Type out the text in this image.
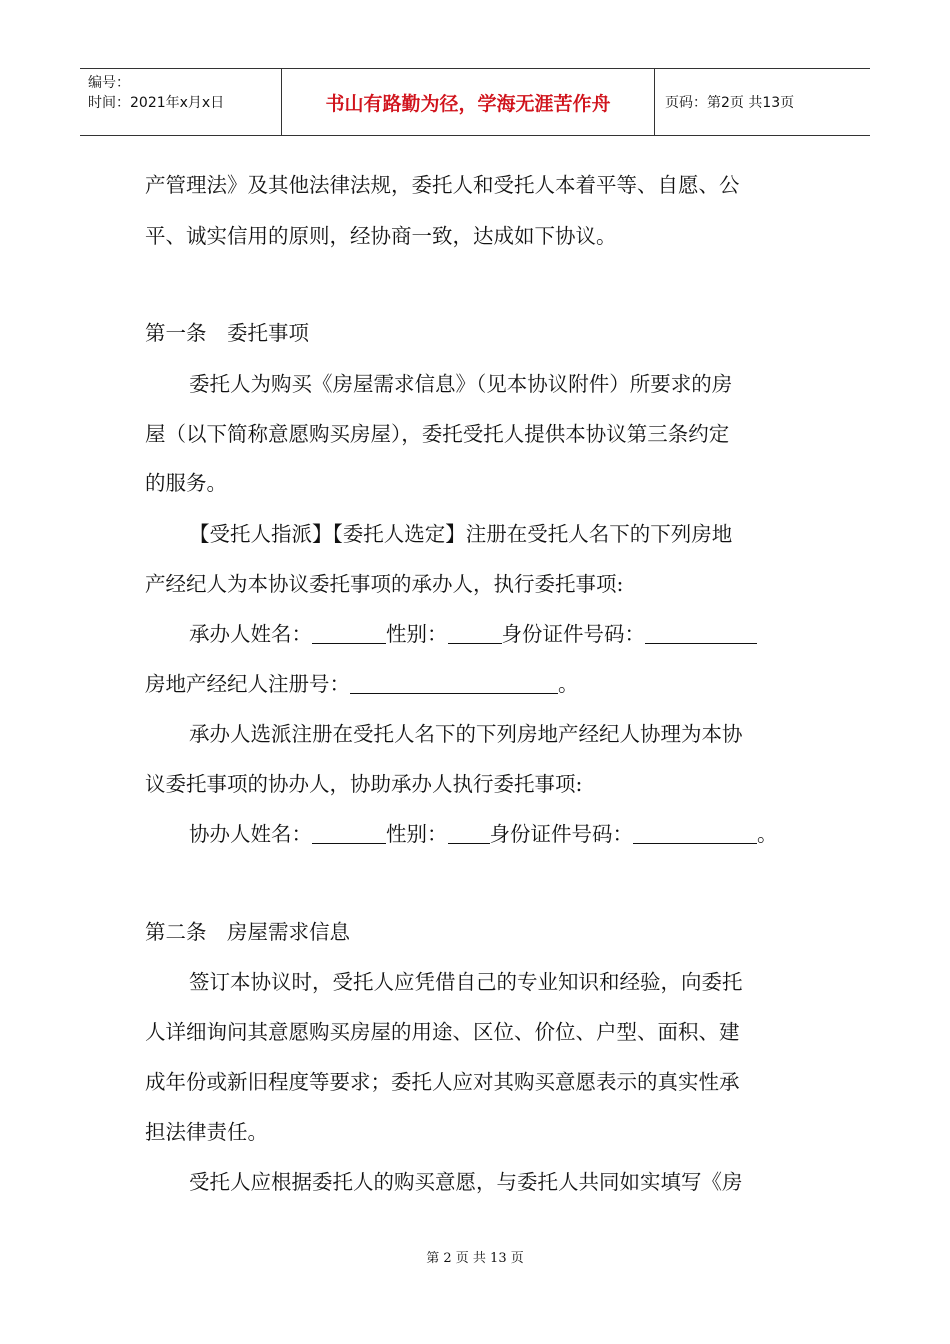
编号：
时间：2021年x月x日	书山有路勤为径，学海无涯苦作舟	页码：第2页 共13页
产管理法》及其他法律法规，委托人和受托人本着平等、自愿、公
平、诚实信用的原则，经协商一致，达成如下协议。
第一条　委托事项
委托人为购买《房屋需求信息》（见本协议附件）所要求的房
屋（以下简称意愿购买房屋），委托受托人提供本协议第三条约定
的服务。
【受托人指派】【委托人选定】注册在受托人名下的下列房地
产经纪人为本协议委托事项的承办人，执行委托事项:
承办人姓名：	性别：	身份证件号码：
房地产经纪人注册号：	。
承办人选派注册在受托人名下的下列房地产经纪人协理为本协
议委托事项的协办人，协助承办人执行委托事项:
协办人姓名：	性别： 身份证件号码：	。
第二条　房屋需求信息
签订本协议时，受托人应凭借自己的专业知识和经验，向委托
人详细询问其意愿购买房屋的用途、区位、价位、户型、面积、建
成年份或新旧程度等要求；委托人应对其购买意愿表示的真实性承
担法律责任。
受托人应根据委托人的购买意愿，与委托人共同如实填写《房
第 2 页 共 13 页
